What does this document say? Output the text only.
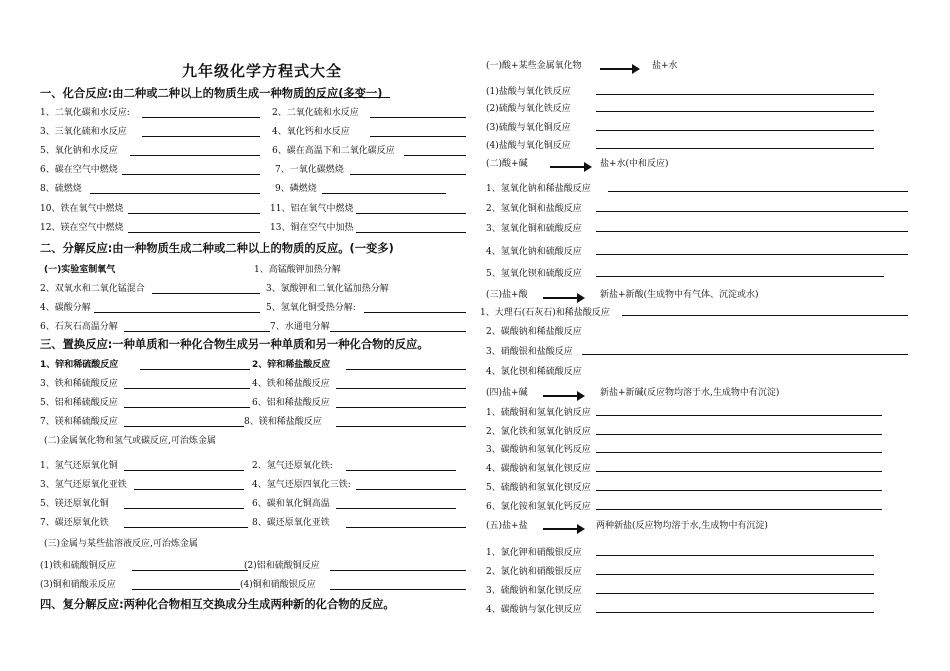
九年级化学方程式大全
一、化合反应:由二种或二种以上的物质生成一种物质的反应(多变一)
1、二氧化碳和水反应:	2、二氧化硫和水反应
3、三氧化硫和水反应	4、氧化钙和水反应
5、氧化钠和水反应	6、碳在高温下和二氧化碳反应
6、碳在空气中燃烧	7、一氧化碳燃烧
8、硫燃烧	9、磷燃烧
10、铁在氧气中燃烧	11、铝在氧气中燃烧
12、镁在空气中燃烧	13、铜在空气中加热
二、分解反应:由一种物质生成二种或二种以上的物质的反应。(一变多)
(一)实验室制氧气	1、高锰酸钾加热分解
2、双氧水和二氧化锰混合	3、氯酸钾和二氧化锰加热分解
4、碳酸分解	5、氢氧化铜受热分解:
6、石灰石高温分解	7、水通电分解
三、置换反应:一种单质和一种化合物生成另一种单质和另一种化合物的反应。
1、锌和稀硫酸反应	2、锌和稀盐酸反应
3、铁和稀硫酸反应	4、铁和稀盐酸反应
5、铝和稀硫酸反应	6、铝和稀盐酸反应
7、镁和稀硫酸反应	8、镁和稀盐酸反应
(二)金属氧化物和氢气或碳反应,可治炼金属
1、氢气还原氧化铜	2、氢气还原氧化铁:
3、氢气还原氧化亚铁	4、氢气还原四氧化三铁:
5、镁还原氧化铜	6、碳和氧化铜高温
7、碳还原氧化铁	8、碳还原氧化亚铁
(三)金属与某些盐溶液反应,可治炼金属
(1)铁和硫酸铜反应	(2)铝和硫酸铜反应
(3)铜和硝酸汞反应	(4)铜和硝酸银反应
四、复分解反应:两种化合物相互交换成分生成两种新的化合物的反应。
(一)酸+某些金属氧化物	盐+水
(1)盐酸与氧化铁反应
(2)硫酸与氧化铁反应
(3)硫酸与氧化铜反应
(4)盐酸与氧化铜反应
(二)酸+碱	盐+水(中和反应)
1、氢氧化钠和稀盐酸反应
2、氢氧化铜和盐酸反应
3、氢氧化铜和硫酸反应
4、氢氧化钠和硫酸反应
5、氢氧化钡和硫酸反应
(三)盐+酸	新盐+新酸(生成物中有气体、沉淀或水)
1、大理石(石灰石)和稀盐酸反应
2、碳酸钠和稀盐酸反应
3、硝酸银和盐酸反应
4、氯化钡和稀硫酸反应
(四)盐+碱	新盐+新碱(反应物均溶于水,生成物中有沉淀)
1、硫酸铜和氢氧化钠反应
2、氯化铁和氢氧化钠反应
3、碳酸钠和氢氧化钙反应
4、碳酸钠和氢氧化钡反应
5、硫酸钠和氢氧化钡反应
6、氯化铵和氢氧化钙反应
(五)盐+盐	两种新盐(反应物均溶于水,生成物中有沉淀)
1、氯化钾和硝酸银反应
2、氯化钠和硝酸银反应
3、硫酸钠和氯化钡反应
4、碳酸钠与氯化钡反应
